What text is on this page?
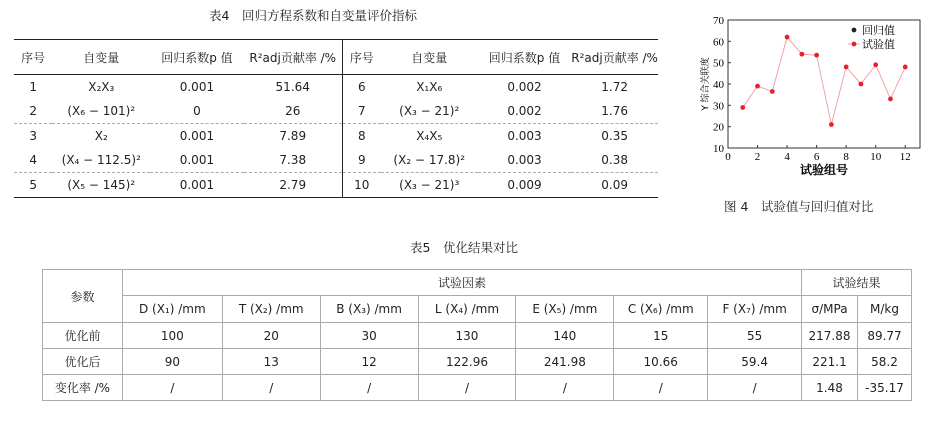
表4　回归方程系数和自变量评价指标
序号	自变量	回归系数p 值	R²adj贡献率 /%	序号	自变量	回归系数p 值	R²adj贡献率 /%
1	X₂X₃	0.001	51.64	6	X₁X₆	0.002	1.72
2	(X₆ − 101)²	0	26	7	(X₃ − 21)²	0.002	1.76
3	X₂	0.001	7.89	8	X₄X₅	0.003	0.35
4	(X₄ − 112.5)²	0.001	7.38	9	(X₂ − 17.8)²	0.003	0.38
5	(X₅ − 145)²	0.001	2.79	10	(X₃ − 21)³	0.009	0.09
10
20
30
40
50
60
70
0 2 4 6 8 10 12
试验组号
Y 综合关联度
回归值
试验值
图 4　试验值与回归值对比
表5　优化结果对比
参数	试验因素							试验结果	
	D (X₁) /mm	T (X₂) /mm	B (X₃) /mm	L (X₄) /mm	E (X₅) /mm	C (X₆) /mm	F (X₇) /mm	σ/MPa	M/kg
优化前	100	20	30	130	140	15	55	217.88	89.77
优化后	90	13	12	122.96	241.98	10.66	59.4	221.1	58.2
变化率 /%	/	/	/	/	/	/	/	1.48	-35.17
